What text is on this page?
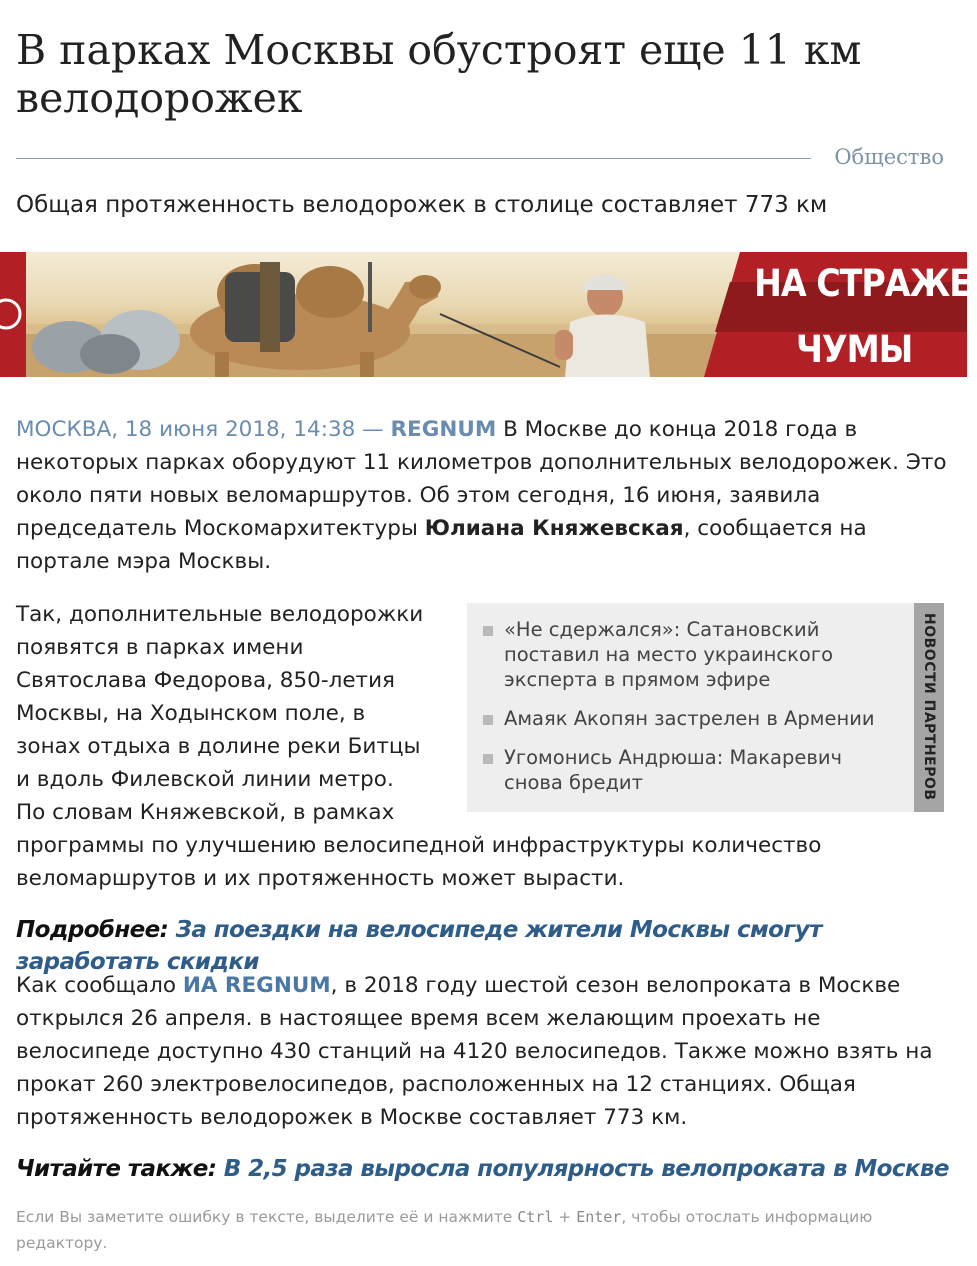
В парках Москвы обустроят еще 11 км велодорожек
Общество
Общая протяженность велодорожек в столице составляет 773 км
НА СТРАЖЕ
ЧУМЫ
МОСКВА, 18 июня 2018, 14:38 — REGNUM В Москве до конца 2018 года в некоторых парках оборудуют 11 километров дополнительных велодорожек. Это около пяти новых веломаршрутов. Об этом сегодня, 16 июня, заявила председатель Москомархитектуры Юлиана Княжевская, сообщается на портале мэра Москвы.
«Не сдержался»: Сатановский поставил на место украинского эксперта в прямом эфире
Амаяк Акопян застрелен в Армении
Угомонись Андрюша: Макаревич снова бредит	НОВОСТИ ПАРТНЕРОВ
Так, дополнительные велодорожки появятся в парках имени Святослава Федорова, 850-летия Москвы, на Ходынском поле, в зонах отдыха в долине реки Битцы и вдоль Филевской линии метро. По словам Княжевской, в рамках программы по улучшению велосипедной инфраструктуры количество веломаршрутов и их протяженность может вырасти.
Подробнее: За поездки на велосипеде жители Москвы смогут заработать скидки
Как сообщало ИА REGNUM, в 2018 году шестой сезон велопроката в Москве открылся 26 апреля. в настоящее время всем желающим проехать не велосипеде доступно 430 станций на 4120 велосипедов. Также можно взять на прокат 260 электровелосипедов, расположенных на 12 станциях. Общая протяженность велодорожек в Москве составляет 773 км.
Читайте также: В 2,5 раза выросла популярность велопроката в Москве
Если Вы заметите ошибку в тексте, выделите её и нажмите Ctrl + Enter, чтобы отослать информацию редактору.
